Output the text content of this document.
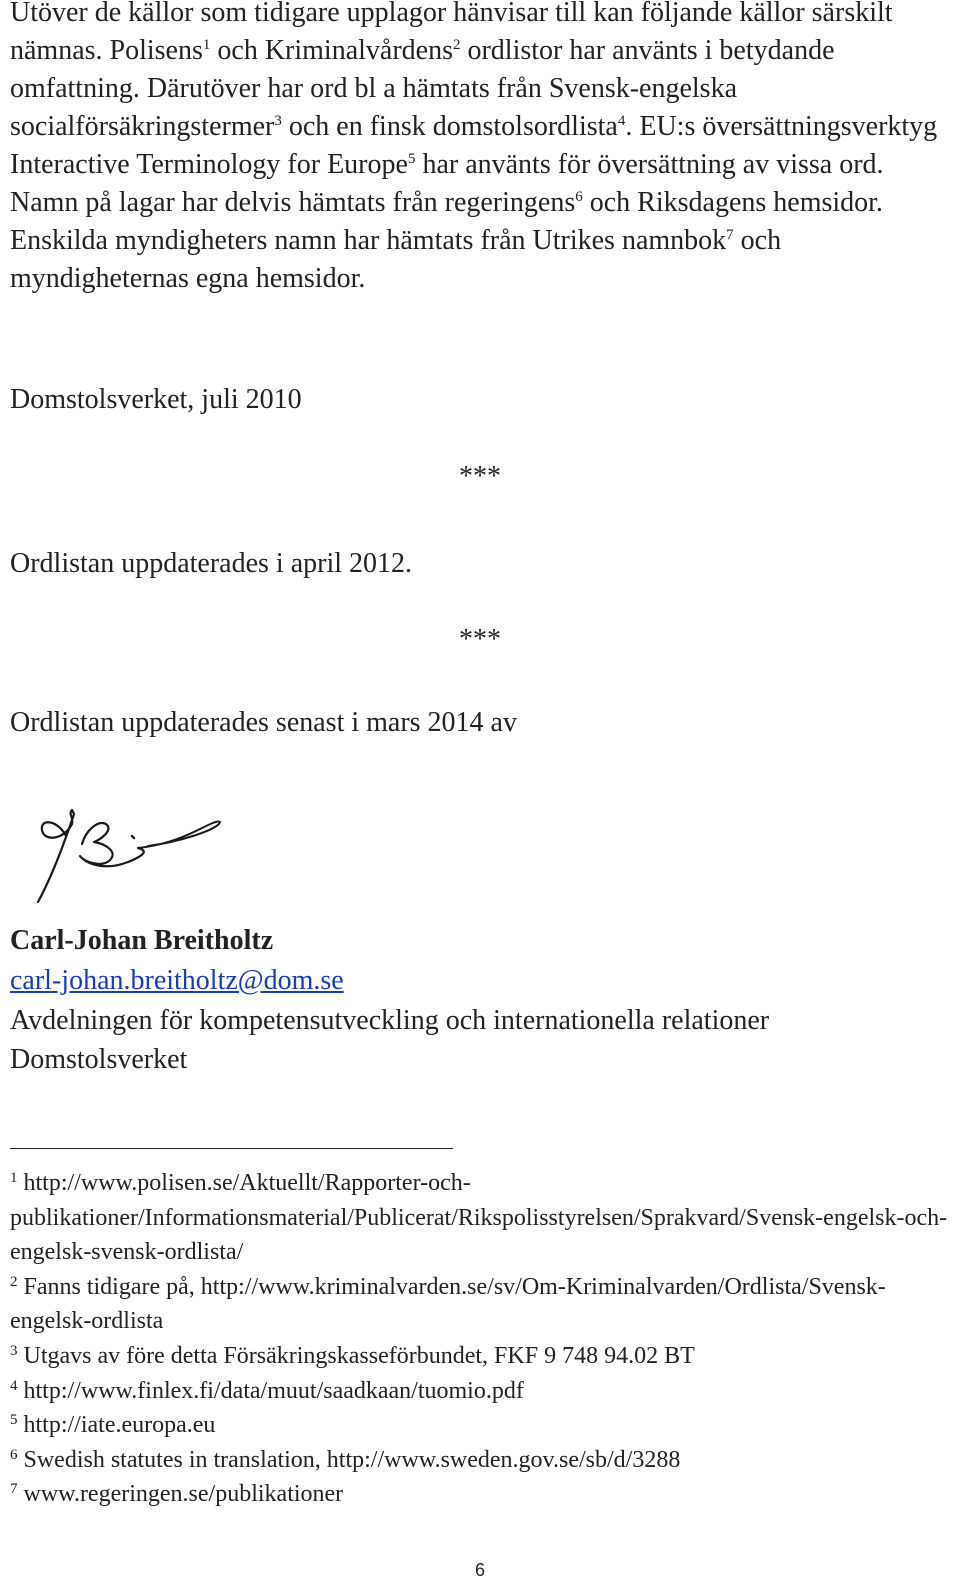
Utöver de källor som tidigare upplagor hänvisar till kan följande källor särskilt nämnas. Polisens$^1$ och Kriminalvårdens$^2$ ordlistor har använts i betydande omfattning. Därutöver har ord bl a hämtats från Svensk-engelska socialförsäkringstermer$^3$ och en finsk domstolsordlista$^4$. EU:s översättningsverktyg Interactive Terminology for Europe$^5$ har använts för översättning av vissa ord. Namn på lagar har delvis hämtats från regeringens$^6$ och Riksdagens hemsidor. Enskilda myndigheters namn har hämtats från Utrikes namnbok$^7$ och myndigheternas egna hemsidor.

Domstolsverket, juli 2010

***

Ordlistan uppdaterades i april 2012.

***

Ordlistan uppdaterades senast i mars 2014 av

Carl-Johan Breitholtz

carl-johan.breitholtz@dom.se

Avdelningen för kompetensutveckling och internationella relationer

Domstolsverket

$^1$ http://www.polisen.se/Aktuellt/Rapporter-och-publikationer/Informationsmaterial/Publicerat/Rikspolisstyrelsen/Sprakvard/Svensk-engelsk-och-engelsk-svensk-ordlista/
$^2$ Fanns tidigare på, http://www.kriminalvarden.se/sv/Om-Kriminalvarden/Ordlista/Svensk-engelsk-ordlista
$^3$ Utgavs av före detta Försäkringskasseförbundet, FKF 9 748 94.02 BT
$^4$ http://www.finlex.fi/data/muut/saadkaan/tuomio.pdf
$^5$ http://iate.europa.eu
$^6$ Swedish statutes in translation, http://www.sweden.gov.se/sb/d/3288
$^7$ www.regeringen.se/publikationer

6
